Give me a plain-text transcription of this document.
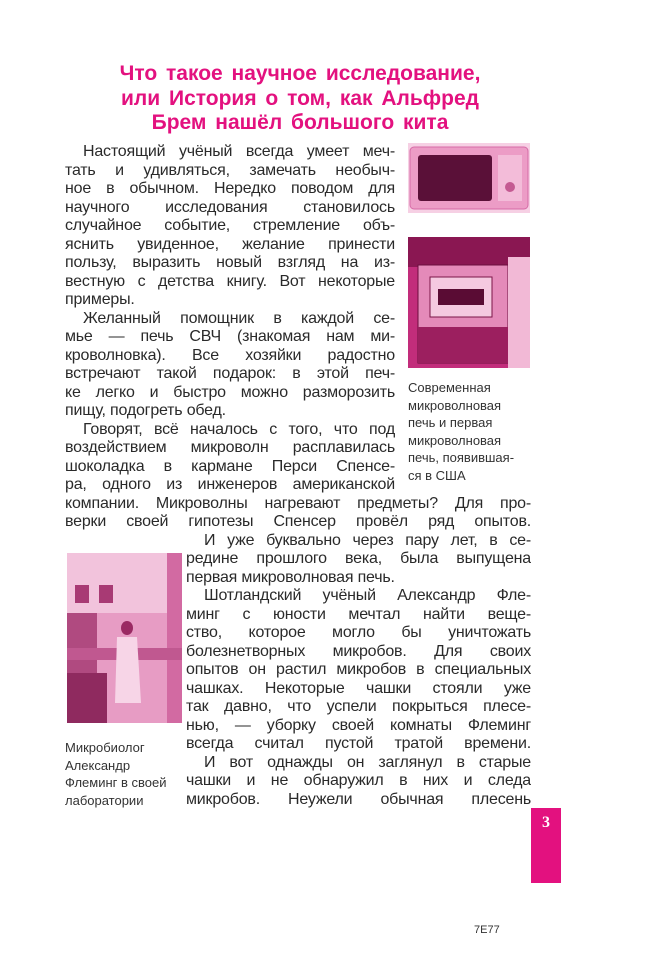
Что такое научное исследование,
или История о том, как Альфред
Брем нашёл большого кита
Настоящий учёный всегда умеет меч-
тать и удивляться, замечать необыч-
ное в обычном. Нередко поводом для
научного исследования становилось
случайное событие, стремление объ-
яснить увиденное, желание принести
пользу, выразить новый взгляд на из-
вестную с детства книгу. Вот некоторые
примеры.
Желанный помощник в каждой се-
мье — печь СВЧ (знакомая нам ми-
кроволновка). Все хозяйки радостно
встречают такой подарок: в этой печ-
ке легко и быстро можно разморозить
пищу, подогреть обед.
Говорят, всё началось с того, что под
воздействием микроволн расплавилась
шоколадка в кармане Перси Спенсе-
ра, одного из инженеров американской
компании. Микроволны нагревают предметы? Для про-
верки своей гипотезы Спенсер провёл ряд опытов.
И уже буквально через пару лет, в се-
редине прошлого века, была выпущена
первая микроволновая печь.
Шотландский учёный Александр Фле-
минг с юности мечтал найти веще-
ство, которое могло бы уничтожать
болезнетворных микробов. Для своих
опытов он растил микробов в специальных
чашках. Некоторые чашки стояли уже
так давно, что успели покрыться плесе-
нью, — уборку своей комнаты Флеминг
всегда считал пустой тратой времени.
И вот однажды он заглянул в старые
чашки и не обнаружил в них и следа
микробов. Неужели обычная плесень
Современная
микроволновая
печь и первая
микроволновая
печь, появившая-
ся в США
Микробиолог
Александр
Флеминг в своей
лаборатории
3
7E77
